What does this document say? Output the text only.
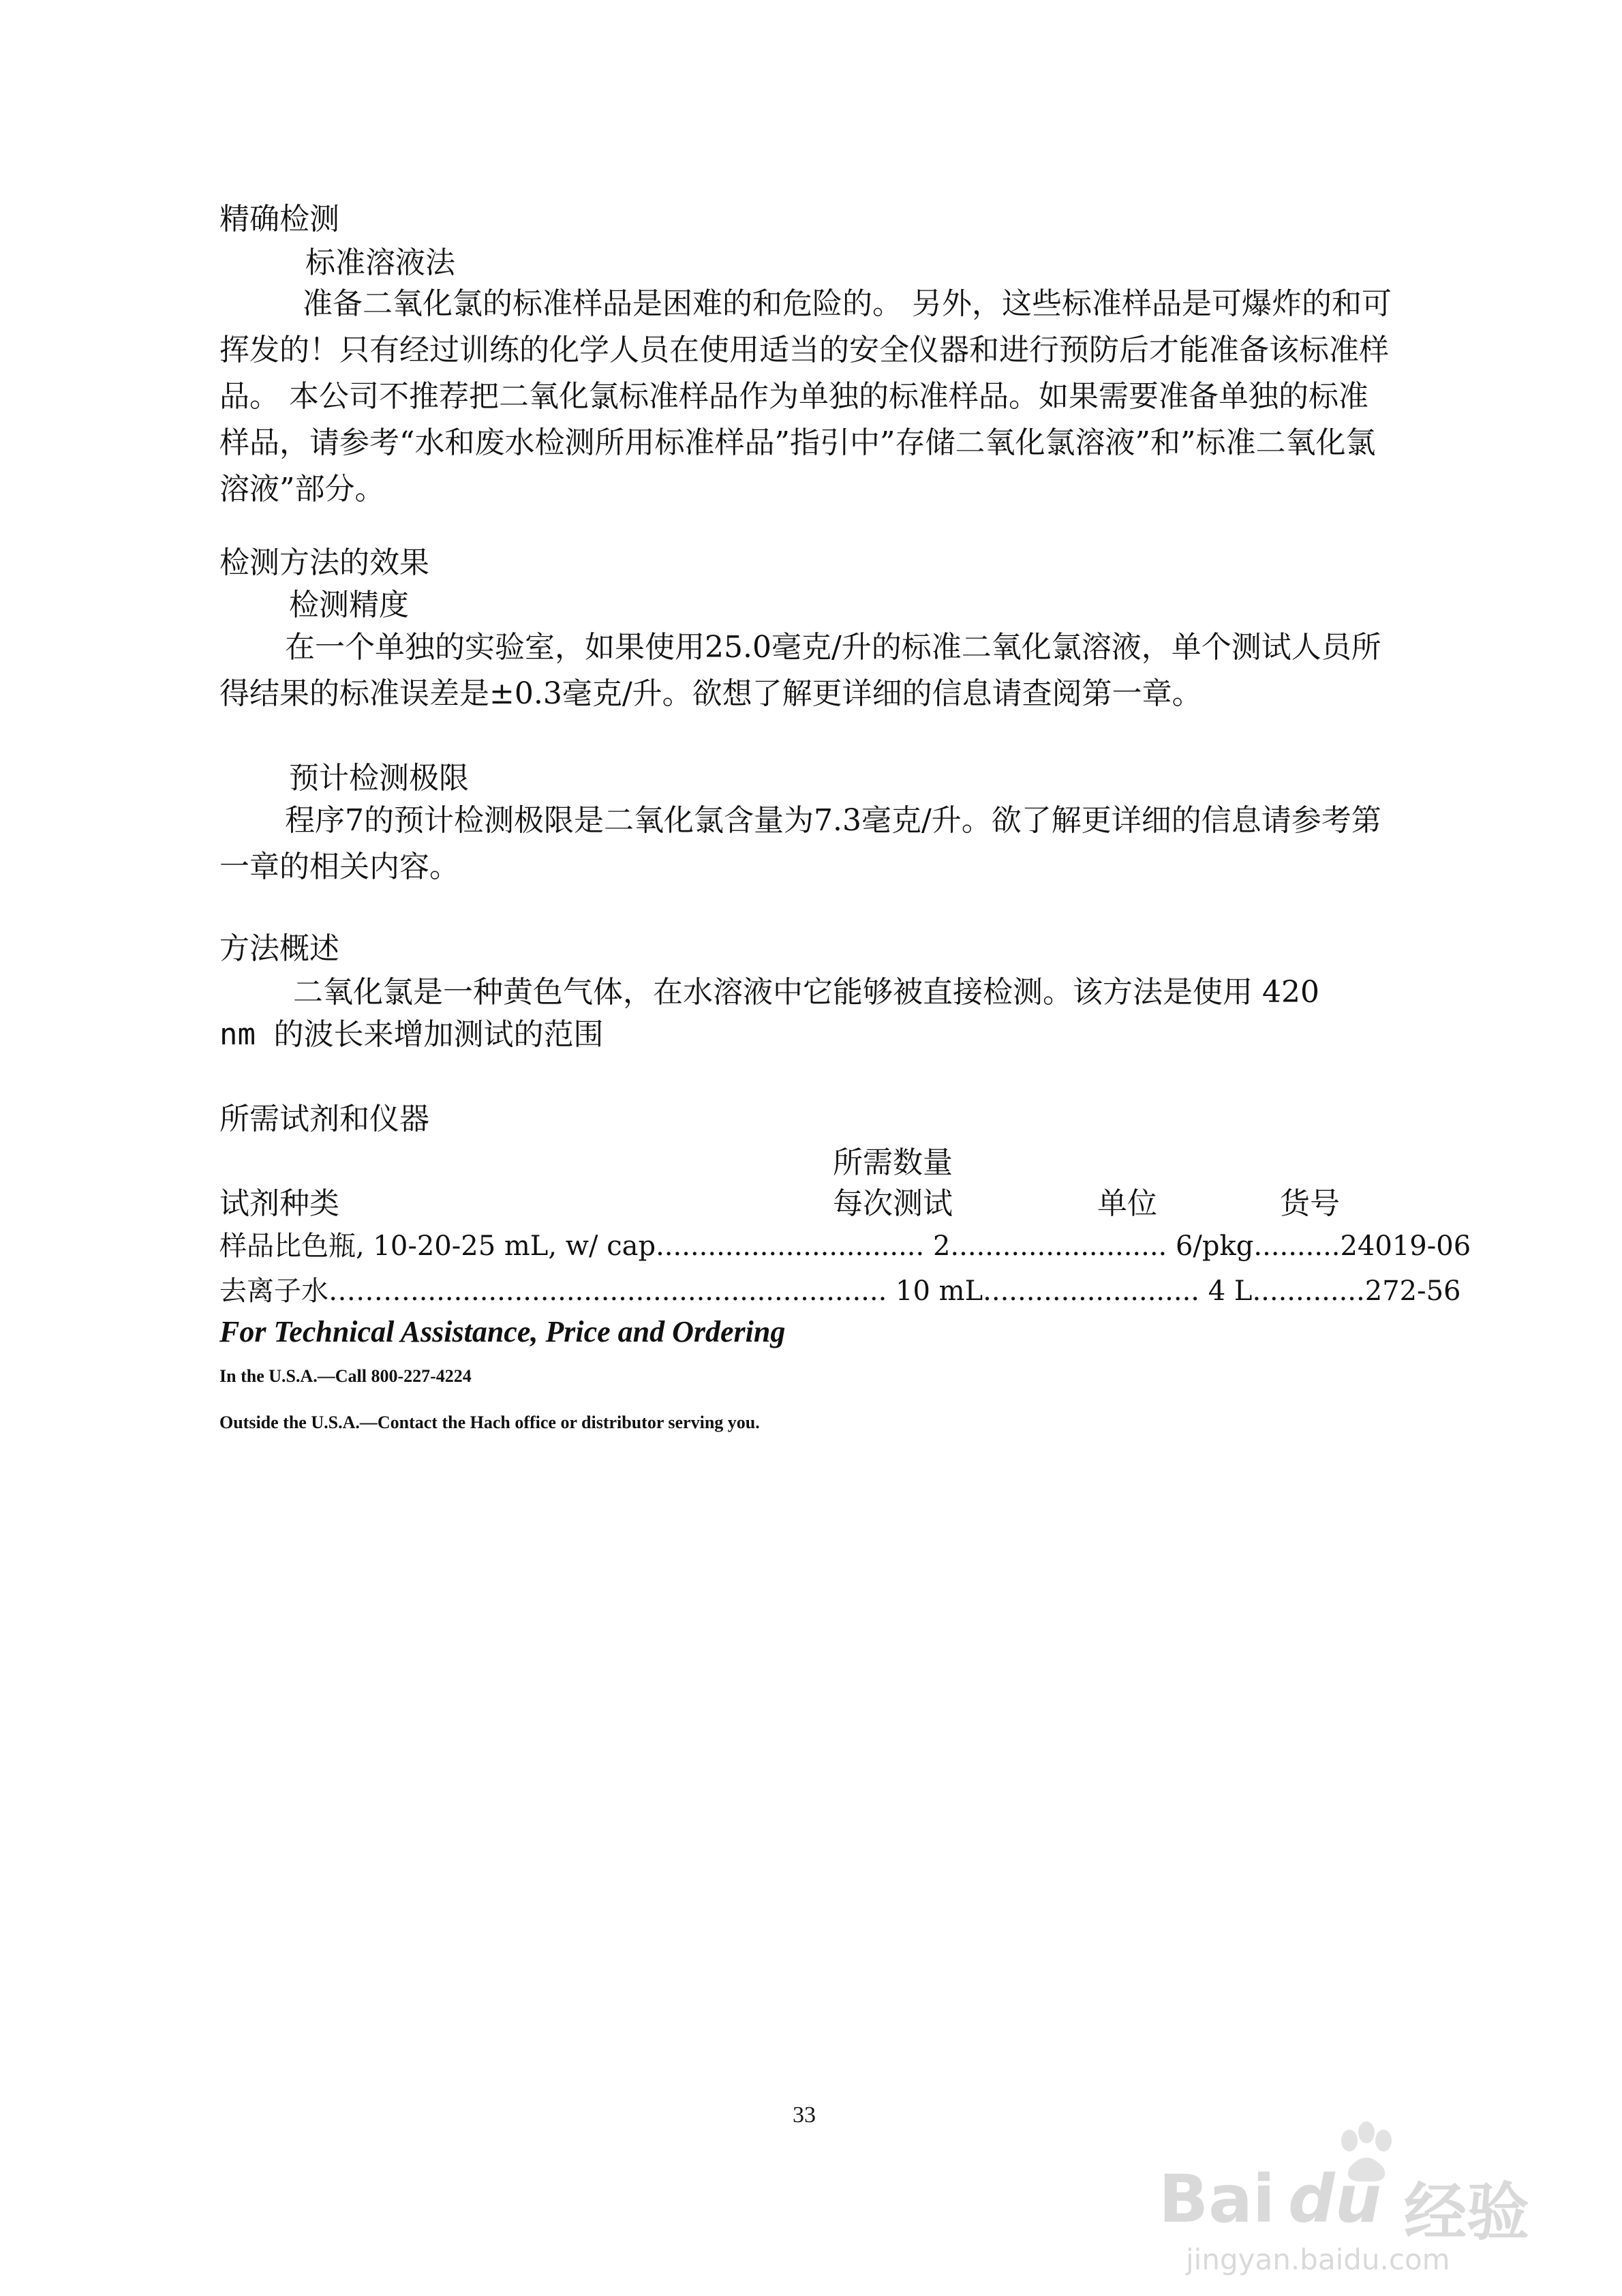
精确检测
标准溶液法

准备二氧化氯的标准样品是困难的和危险的。 另外，这些标准样品是可爆炸的和可挥发的！只有经过训练的化学人员在使用适当的安全仪器和进行预防后才能准备该标准样品。 本公司不推荐把二氧化氯标准样品作为单独的标准样品。如果需要准备单独的标准样品，请参考“水和废水检测所用标准样品”指引中”存储二氧化氯溶液”和”标准二氧化氯溶液”部分。

检测方法的效果
检测精度

在一个单独的实验室，如果使用25.0毫克/升的标准二氧化氯溶液，单个测试人员所得结果的标准误差是±0.3毫克/升。欲想了解更详细的信息请查阅第一章。

预计检测极限

程序7的预计检测极限是二氧化氯含量为7.3毫克/升。欲了解更详细的信息请参考第一章的相关内容。

方法概述
二氧化氯是一种黄色气体，在水溶液中它能够被直接检测。该方法是使用 420
nm 的波长来增加测试的范围
所需试剂和仪器
所需数量
试剂种类	每次测试	单位	货号
样品比色瓶, 10-20-25 mL, w/ cap............................... 2......................... 6/pkg..........24019-06
去离子水………....................................................... 10 mL......................... 4 L.............272-56
For Technical Assistance, Price and Ordering
In the U.S.A.—Call 800-227-4224
Outside the U.S.A.—Contact the Hach office or distributor serving you.
33
Bai du 经验
jingyan.baidu.com
